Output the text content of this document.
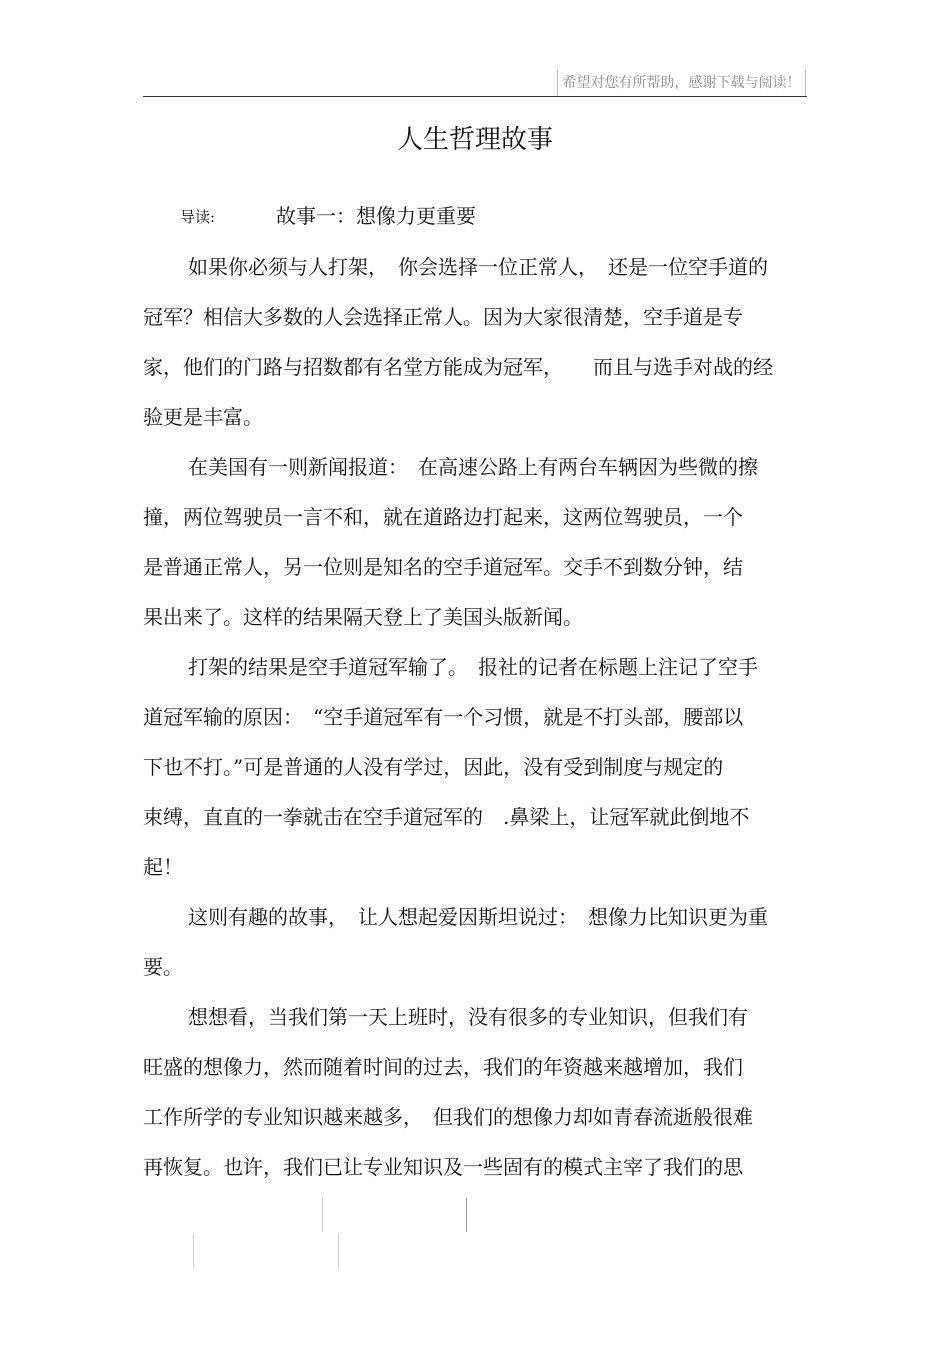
希望对您有所帮助，感谢下载与阅读！
人生哲理故事
导读:	故事一：想像力更重要
如果你必须与人打架，　你会选择一位正常人，　还是一位空手道的
冠军？相信大多数的人会选择正常人。因为大家很清楚，空手道是专
家，他们的门路与招数都有名堂方能成为冠军，　　而且与选手对战的经
验更是丰富。
在美国有一则新闻报道：　在高速公路上有两台车辆因为些微的擦
撞，两位驾驶员一言不和，就在道路边打起来，这两位驾驶员，一个
是普通正常人，另一位则是知名的空手道冠军。交手不到数分钟，结
果出来了。这样的结果隔天登上了美国头版新闻。
打架的结果是空手道冠军输了。　报社的记者在标题上注记了空手
道冠军输的原因：　“空手道冠军有一个习惯，就是不打头部，腰部以
下也不打。”可是普通的人没有学过，因此，没有受到制度与规定的
束缚，直直的一拳就击在空手道冠军的　.鼻梁上，让冠军就此倒地不
起！
这则有趣的故事，　让人想起爱因斯坦说过：　想像力比知识更为重
要。
想想看，当我们第一天上班时，没有很多的专业知识，但我们有
旺盛的想像力，然而随着时间的过去，我们的年资越来越增加，我们
工作所学的专业知识越来越多，　但我们的想像力却如青春流逝般很难
再恢复。也许，我们已让专业知识及一些固有的模式主宰了我们的思
